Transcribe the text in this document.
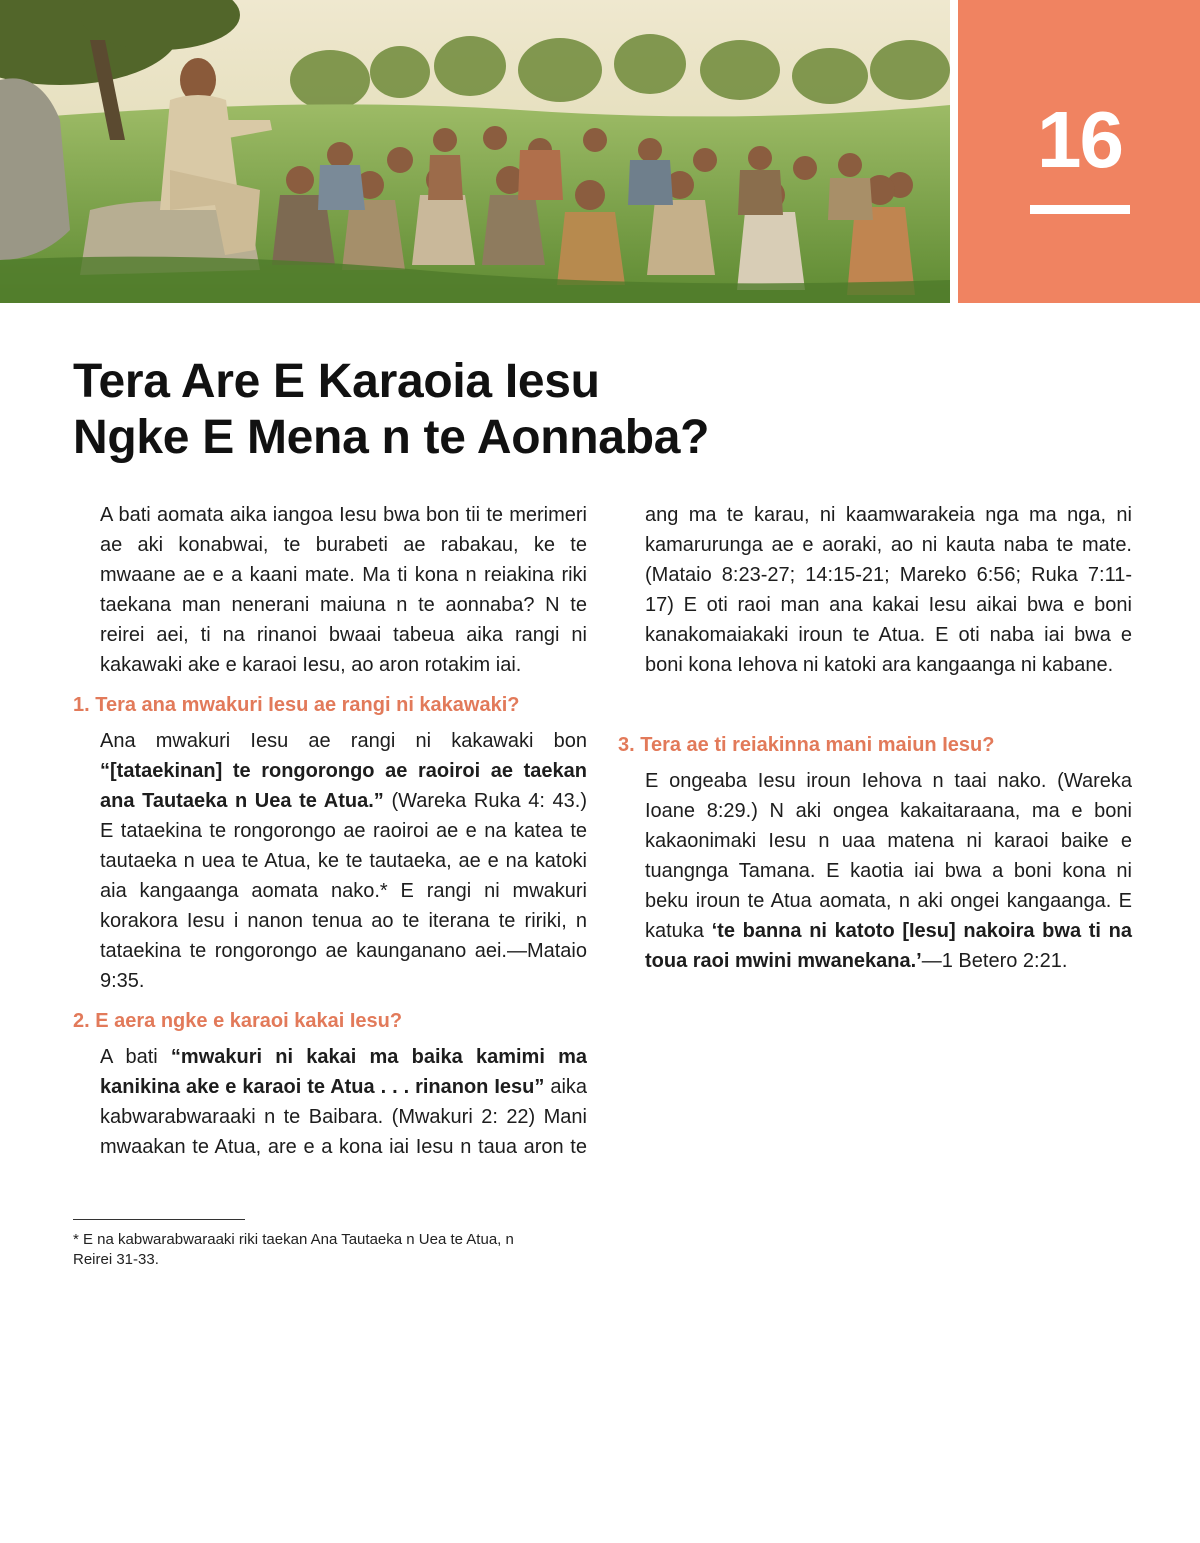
16
Tera Are E Karaoia Iesu
Ngke E Mena n te Aonnaba?

A bati aomata aika iangoa Iesu bwa bon tii te merimeri ae aki konabwai, te burabeti ae rabakau, ke te mwaane ae e a kaani mate. Ma ti kona n reiakina riki taekana man nenerani maiuna n te aonnaba? N te reirei aei, ti na rinanoi bwaai tabeua aika rangi ni kakawaki ake e karaoi Iesu, ao aron rotakim iai.

1. Tera ana mwakuri Iesu ae rangi ni kakawaki?

Ana mwakuri Iesu ae rangi ni kakawaki bon “[tataekinan] te rongorongo ae raoiroi ae taekan ana Tautaeka n Uea te Atua.” (Wareka Ruka 4: 43.) E tataekina te rongorongo ae raoiroi ae e na katea te tautaeka n uea te Atua, ke te tautaeka, ae e na katoki aia kangaanga aomata nako.* E rangi ni mwakuri korakora Iesu i nanon tenua ao te iterana te ririki, n tataekina te rongorongo ae kaunganano aei.—Mataio 9:35.

2. E aera ngke e karaoi kakai Iesu?

A bati “mwakuri ni kakai ma baika kamimi ma kanikina ake e karaoi te Atua . . . rinanon Iesu” aika kabwarabwaraaki n te Baibara. (Mwakuri 2: 22) Mani mwaakan te Atua, are e a kona iai Iesu n taua aron te

ang ma te karau, ni kaamwarakeia nga ma nga, ni kamarurunga ae e aoraki, ao ni kauta naba te mate. (Mataio 8:23-27; 14:15-21; Mareko 6:56; Ruka 7:11-17) E oti raoi man ana kakai Iesu aikai bwa e boni kanakomaiakaki iroun te Atua. E oti naba iai bwa e boni kona Iehova ni katoki ara kangaanga ni kabane.

3. Tera ae ti reiakinna mani maiun Iesu?

E ongeaba Iesu iroun Iehova n taai nako. (Wareka Ioane 8:29.) N aki ongea kakaitaraana, ma e boni kakaonimaki Iesu n uaa matena ni karaoi baike e tuangnga Tamana. E kaotia iai bwa a boni kona ni beku iroun te Atua aomata, n aki ongei kangaanga. E katuka ‘te banna ni katoto [Iesu] nakoira bwa ti na toua raoi mwini mwanekana.’—1 Betero 2:21.

* E na kabwarabwaraaki riki taekan Ana Tautaeka n Uea te Atua, n Reirei 31-33.
